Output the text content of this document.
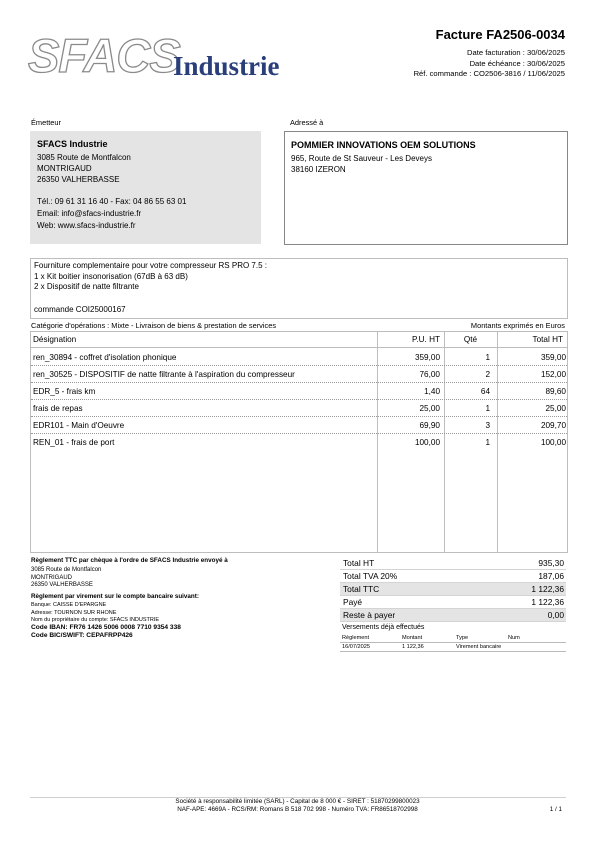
SFACS
Industrie
Facture FA2506-0034
Date facturation : 30/06/2025
Date échéance : 30/06/2025
Réf. commande : CO2506-3816 / 11/06/2025
Émetteur
SFACS Industrie
3085 Route de Montfalcon
MONTRIGAUD
26350 VALHERBASSE
Tél.: 09 61 31 16 40 - Fax: 04 86 55 63 01
Email: info@sfacs-industrie.fr
Web: www.sfacs-industrie.fr
Adressé à
POMMIER INNOVATIONS OEM SOLUTIONS
965, Route de St Sauveur - Les Deveys
38160 IZERON
Fourniture complementaire pour votre compresseur RS PRO 7.5 :
1 x Kit boitier insonorisation (67dB à 63 dB)
2 x Dispositif de natte filtrante
commande COI25000167
Catégorie d'opérations : Mixte - Livraison de biens & prestation de services	Montants exprimés en Euros
Désignation	P.U. HT	Qté	Total HT
ren_30894 - coffret d'isolation phonique	359,00	1	359,00
ren_30525 - DISPOSITIF de natte filtrante à l'aspiration du compresseur	76,00	2	152,00
EDR_5 - frais km	1,40	64	89,60
frais de repas	25,00	1	25,00
EDR101 - Main d'Oeuvre	69,90	3	209,70
REN_01 - frais de port	100,00	1	100,00
Règlement TTC par chèque à l'ordre de SFACS Industrie envoyé à
3085 Route de Montfalcon
MONTRIGAUD
26350 VALHERBASSE
Règlement par virement sur le compte bancaire suivant:
Banque: CAISSE D'EPARGNE
Adresse: TOURNON SUR RHONE
Nom du propriétaire du compte: SFACS INDUSTRIE
Code IBAN: FR76 1426 5006 0008 7710 9354 338
Code BIC/SWIFT: CEPAFRPP426
Total HT	935,30
Total TVA 20%	187,06
Total TTC	1 122,36
Payé	1 122,36
Reste à payer	0,00
Versements déjà effectués
Règlement	Montant	Type	Num
16/07/2025	1 122,36	Virement bancaire
Société à responsabilité limitée (SARL) - Capital de 8 000 € - SIRET : 51870299800023
NAF-APE: 4669A - RCS/RM: Romans B 518 702 998 - Numéro TVA: FR86518702998	1 / 1
